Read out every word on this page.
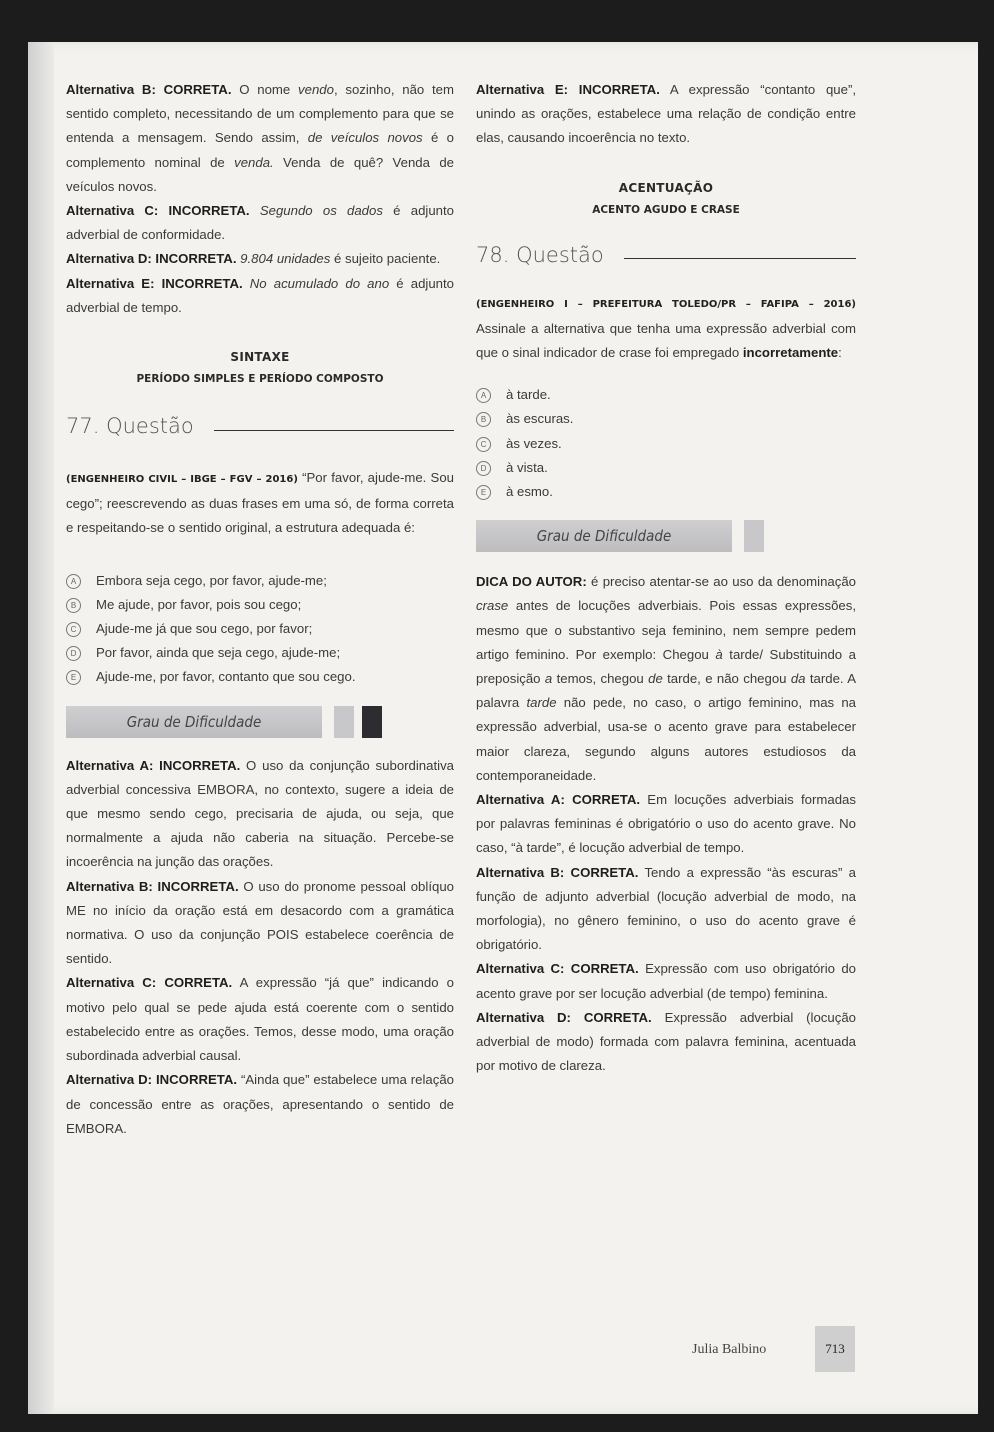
Alternativa B: CORRETA. O nome vendo, sozinho, não tem sentido completo, necessitando de um complemento para que se entenda a mensagem. Sendo assim, de veículos novos é o complemento nominal de venda. Venda de quê? Venda de veículos novos.

Alternativa C: INCORRETA. Segundo os dados é adjunto adverbial de conformidade.

Alternativa D: INCORRETA. 9.804 unidades é sujeito paciente.

Alternativa E: INCORRETA. No acumulado do ano é adjunto adverbial de tempo.

SINTAXE

PERÍODO SIMPLES E PERÍODO COMPOSTO

77. Questão

(ENGENHEIRO CIVIL – IBGE – FGV – 2016) “Por favor, ajude-me. Sou cego”; reescrevendo as duas frases em uma só, de forma correta e respeitando-se o sentido original, a estrutura adequada é:

A	Embora seja cego, por favor, ajude-me;
B	Me ajude, por favor, pois sou cego;
C	Ajude-me já que sou cego, por favor;
D	Por favor, ainda que seja cego, ajude-me;
E	Ajude-me, por favor, contanto que sou cego.
Grau de Dificuldade

Alternativa A: INCORRETA. O uso da conjunção subordinativa adverbial concessiva EMBORA, no contexto, sugere a ideia de que mesmo sendo cego, precisaria de ajuda, ou seja, que normalmente a ajuda não caberia na situação. Percebe-se incoerência na junção das orações.

Alternativa B: INCORRETA. O uso do pronome pessoal oblíquo ME no início da oração está em desacordo com a gramática normativa. O uso da conjunção POIS estabelece coerência de sentido.

Alternativa C: CORRETA. A expressão “já que” indicando o motivo pelo qual se pede ajuda está coerente com o sentido estabelecido entre as orações. Temos, desse modo, uma oração subordinada adverbial causal.

Alternativa D: INCORRETA. “Ainda que” estabelece uma relação de concessão entre as orações, apresentando o sentido de EMBORA.

Alternativa E: INCORRETA. A expressão “contanto que”, unindo as orações, estabelece uma relação de condição entre elas, causando incoerência no texto.

ACENTUAÇÃO

ACENTO AGUDO E CRASE

78. Questão

(ENGENHEIRO I – PREFEITURA TOLEDO/PR – FAFIPA – 2016) Assinale a alternativa que tenha uma expressão adverbial com que o sinal indicador de crase foi empregado incorretamente:

A	à tarde.
B	às escuras.
C	às vezes.
D	à vista.
E	à esmo.
Grau de Dificuldade

DICA DO AUTOR: é preciso atentar-se ao uso da denominação crase antes de locuções adverbiais. Pois essas expressões, mesmo que o substantivo seja feminino, nem sempre pedem artigo feminino. Por exemplo: Chegou à tarde/ Substituindo a preposição a temos, chegou de tarde, e não chegou da tarde. A palavra tarde não pede, no caso, o artigo feminino, mas na expressão adverbial, usa-se o acento grave para estabelecer maior clareza, segundo alguns autores estudiosos da contemporaneidade.

Alternativa A: CORRETA. Em locuções adverbiais formadas por palavras femininas é obrigatório o uso do acento grave. No caso, “à tarde”, é locução adverbial de tempo.

Alternativa B: CORRETA. Tendo a expressão “às escuras” a função de adjunto adverbial (locução adverbial de modo, na morfologia), no gênero feminino, o uso do acento grave é obrigatório.

Alternativa C: CORRETA. Expressão com uso obrigatório do acento grave por ser locução adverbial (de tempo) feminina.

Alternativa D: CORRETA. Expressão adverbial (locução adverbial de modo) formada com palavra feminina, acentuada por motivo de clareza.

Julia Balbino	713
